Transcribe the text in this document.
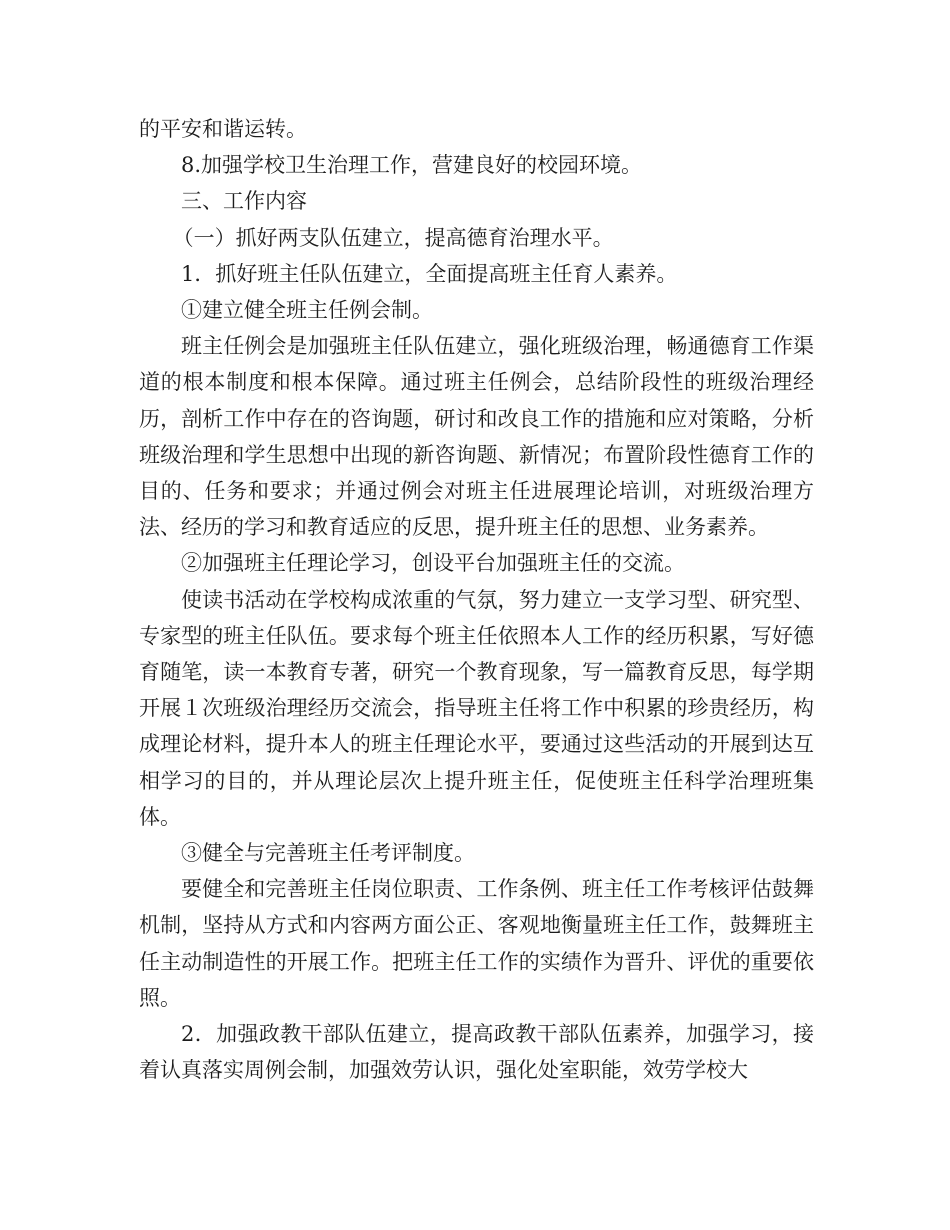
的平安和谐运转。

8.加强学校卫生治理工作，营建良好的校园环境。

三、工作内容

（一）抓好两支队伍建立，提高德育治理水平。

1．抓好班主任队伍建立，全面提高班主任育人素养。

①建立健全班主任例会制。

班主任例会是加强班主任队伍建立，强化班级治理，畅通德育工作渠道的根本制度和根本保障。通过班主任例会，总结阶段性的班级治理经历，剖析工作中存在的咨询题，研讨和改良工作的措施和应对策略，分析班级治理和学生思想中出现的新咨询题、新情况；布置阶段性德育工作的目的、任务和要求；并通过例会对班主任进展理论培训，对班级治理方法、经历的学习和教育适应的反思，提升班主任的思想、业务素养。

②加强班主任理论学习，创设平台加强班主任的交流。

使读书活动在学校构成浓重的气氛，努力建立一支学习型、研究型、专家型的班主任队伍。要求每个班主任依照本人工作的经历积累，写好德育随笔，读一本教育专著，研究一个教育现象，写一篇教育反思，每学期开展１次班级治理经历交流会，指导班主任将工作中积累的珍贵经历，构成理论材料，提升本人的班主任理论水平，要通过这些活动的开展到达互相学习的目的，并从理论层次上提升班主任，促使班主任科学治理班集体。

③健全与完善班主任考评制度。

要健全和完善班主任岗位职责、工作条例、班主任工作考核评估鼓舞机制，坚持从方式和内容两方面公正、客观地衡量班主任工作，鼓舞班主任主动制造性的开展工作。把班主任工作的实绩作为晋升、评优的重要依照。

2．加强政教干部队伍建立，提高政教干部队伍素养，加强学习，接着认真落实周例会制，加强效劳认识，强化处室职能，效劳学校大
